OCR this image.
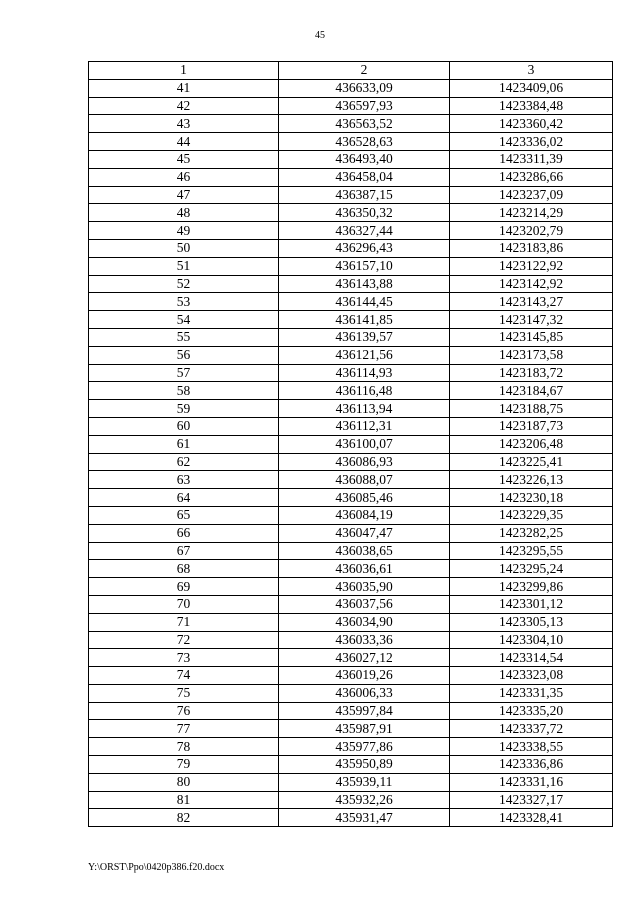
45
1	2	3
41	436633,09	1423409,06
42	436597,93	1423384,48
43	436563,52	1423360,42
44	436528,63	1423336,02
45	436493,40	1423311,39
46	436458,04	1423286,66
47	436387,15	1423237,09
48	436350,32	1423214,29
49	436327,44	1423202,79
50	436296,43	1423183,86
51	436157,10	1423122,92
52	436143,88	1423142,92
53	436144,45	1423143,27
54	436141,85	1423147,32
55	436139,57	1423145,85
56	436121,56	1423173,58
57	436114,93	1423183,72
58	436116,48	1423184,67
59	436113,94	1423188,75
60	436112,31	1423187,73
61	436100,07	1423206,48
62	436086,93	1423225,41
63	436088,07	1423226,13
64	436085,46	1423230,18
65	436084,19	1423229,35
66	436047,47	1423282,25
67	436038,65	1423295,55
68	436036,61	1423295,24
69	436035,90	1423299,86
70	436037,56	1423301,12
71	436034,90	1423305,13
72	436033,36	1423304,10
73	436027,12	1423314,54
74	436019,26	1423323,08
75	436006,33	1423331,35
76	435997,84	1423335,20
77	435987,91	1423337,72
78	435977,86	1423338,55
79	435950,89	1423336,86
80	435939,11	1423331,16
81	435932,26	1423327,17
82	435931,47	1423328,41
Y:\ORST\Ppo\0420p386.f20.docx
